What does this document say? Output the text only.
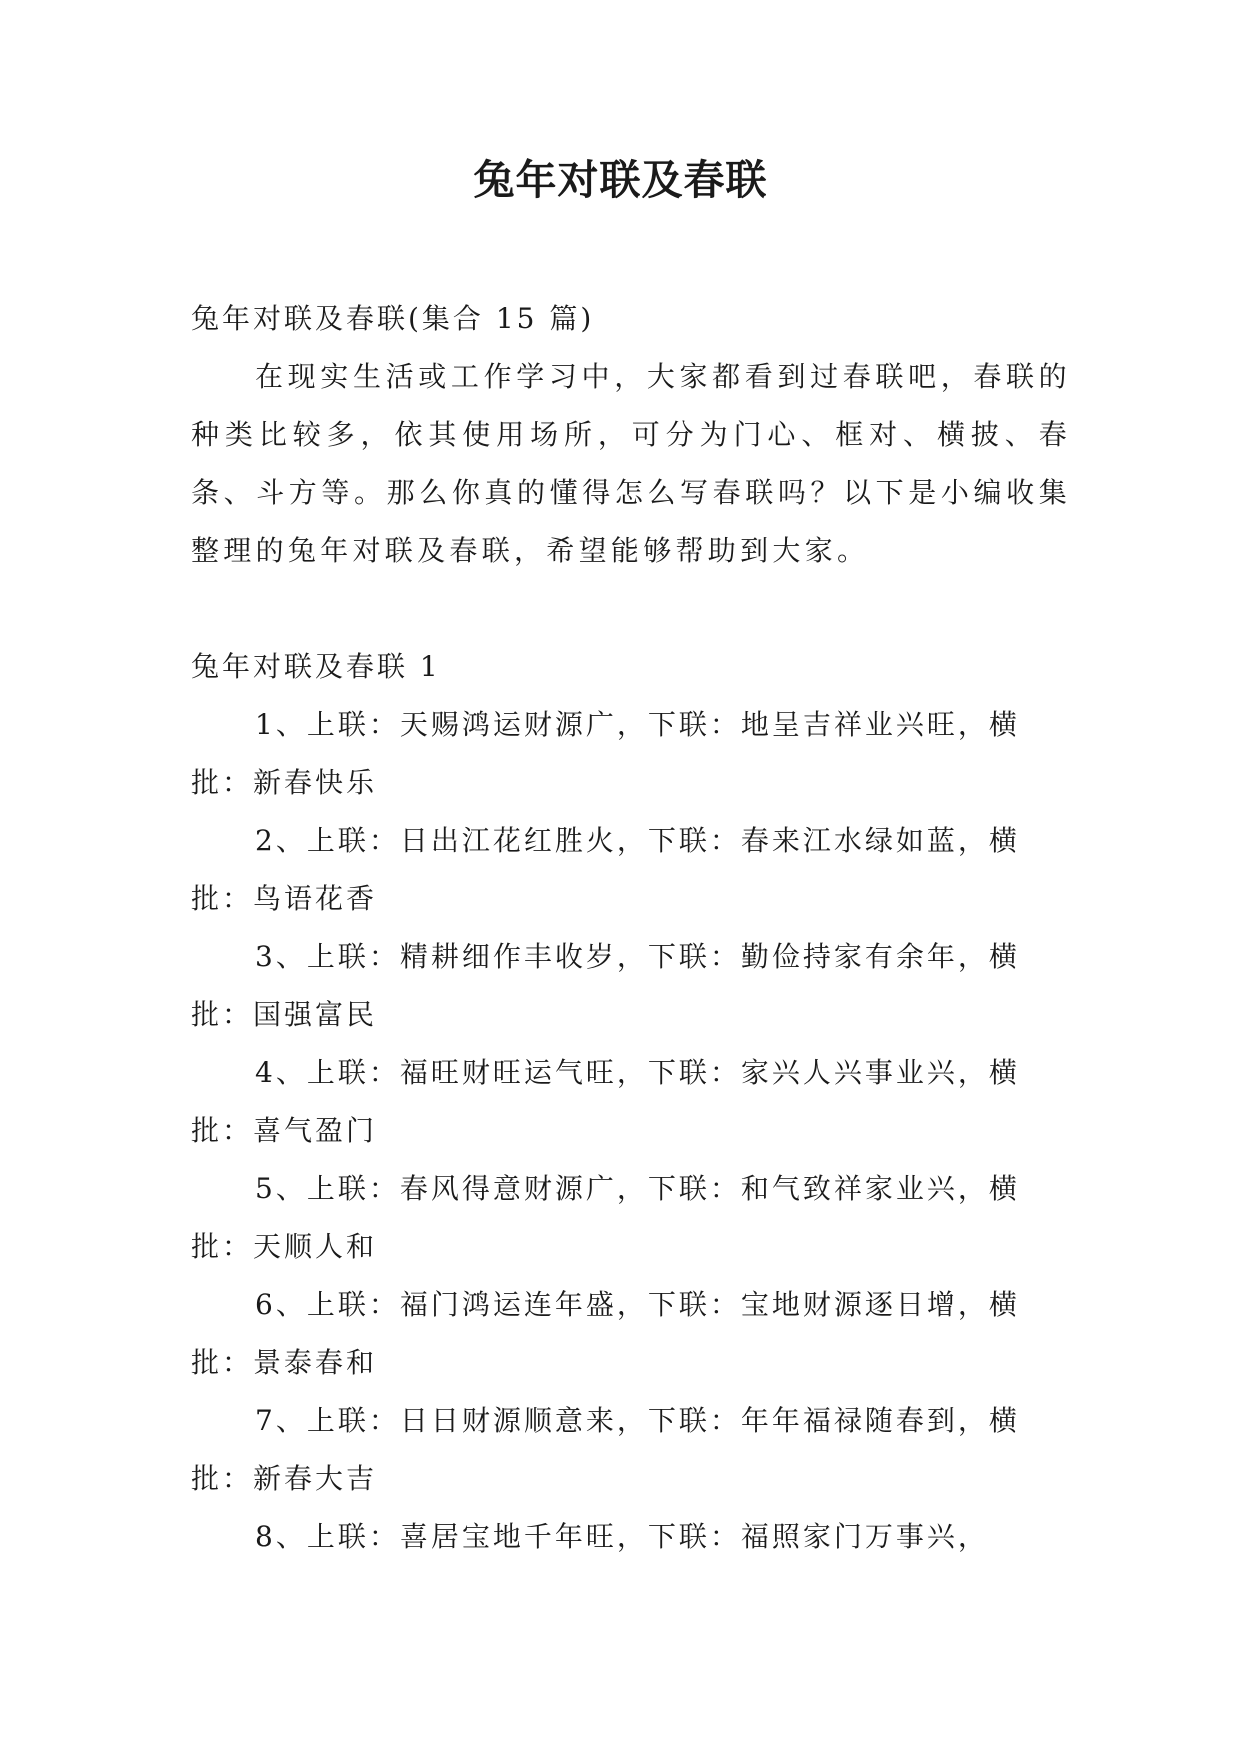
兔年对联及春联

兔年对联及春联(集合 15 篇)

在现实生活或工作学习中，大家都看到过春联吧，春联的种类比较多，依其使用场所，可分为门心、框对、横披、春条、斗方等。那么你真的懂得怎么写春联吗？以下是小编收集整理的兔年对联及春联，希望能够帮助到大家。

兔年对联及春联 1

1、上联：天赐鸿运财源广，下联：地呈吉祥业兴旺，横批：新春快乐

2、上联：日出江花红胜火，下联：春来江水绿如蓝，横批：鸟语花香

3、上联：精耕细作丰收岁，下联：勤俭持家有余年，横批：国强富民

4、上联：福旺财旺运气旺，下联：家兴人兴事业兴，横批：喜气盈门

5、上联：春风得意财源广，下联：和气致祥家业兴，横批：天顺人和

6、上联：福门鸿运连年盛，下联：宝地财源逐日增，横批：景泰春和

7、上联：日日财源顺意来，下联：年年福禄随春到，横批：新春大吉

8、上联：喜居宝地千年旺，下联：福照家门万事兴，
